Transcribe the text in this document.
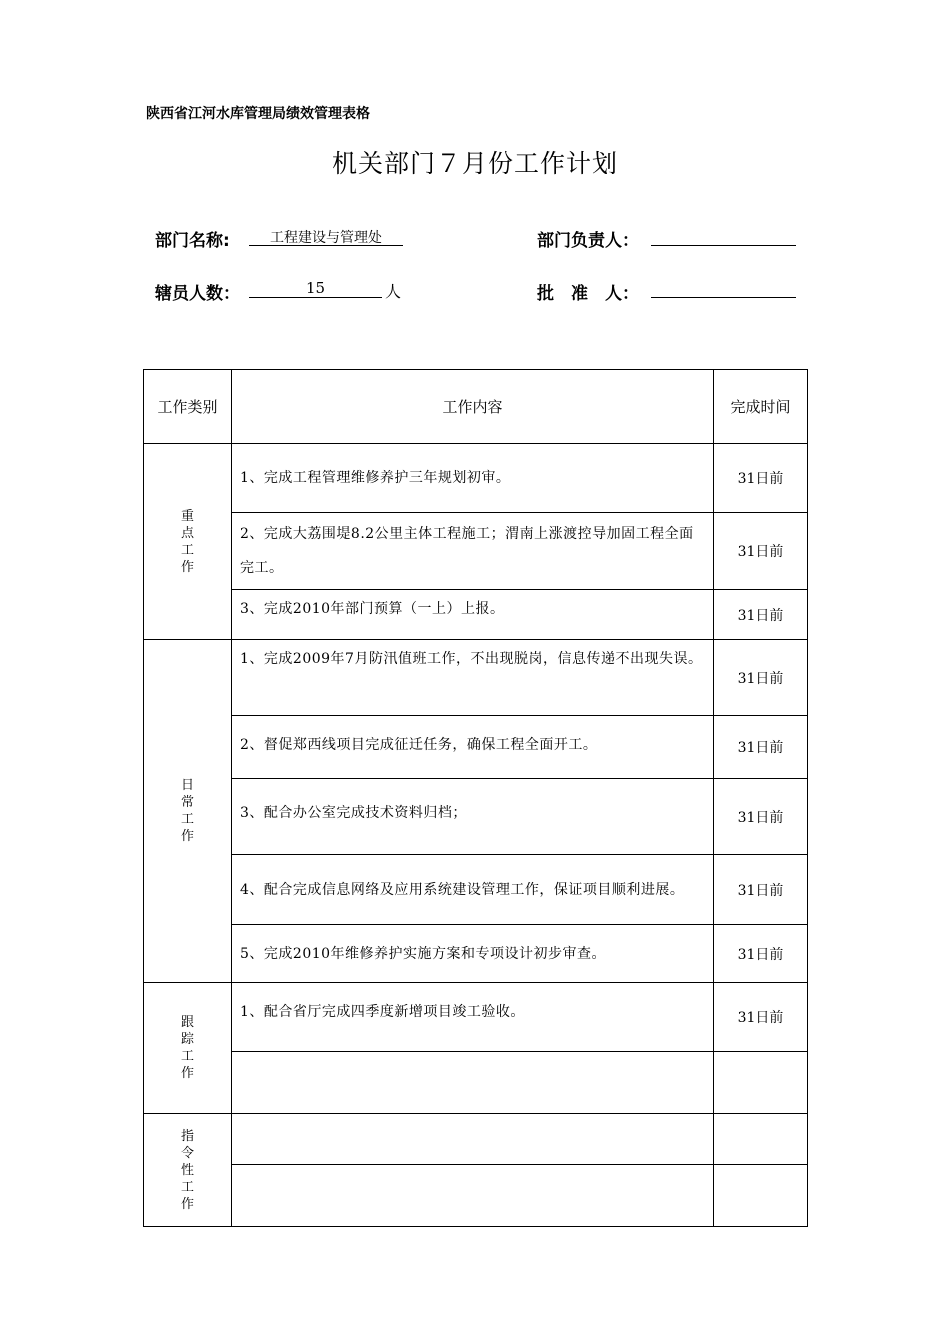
陕西省江河水库管理局绩效管理表格
机关部门７月份工作计划
部门名称:	工程建设与管理处	部门负责人：
辖员人数：	15	人	批　准　人：
工作类别	工作内容	完成时间
重点工作	1、完成工程管理维修养护三年规划初审。	31日前
	2、完成大荔围堤8.2公里主体工程施工；渭南上涨渡控导加固工程全面完工。	31日前
	3、完成2010年部门预算（一上）上报。	31日前
日常工作	1、完成2009年7月防汛值班工作，不出现脱岗，信息传递不出现失误。	31日前
	2、督促郑西线项目完成征迁任务，确保工程全面开工。	31日前
	3、配合办公室完成技术资料归档；	31日前
	4、配合完成信息网络及应用系统建设管理工作，保证项目顺利进展。	31日前
	5、完成2010年维修养护实施方案和专项设计初步审查。	31日前
跟踪工作	1、配合省厅完成四季度新增项目竣工验收。	31日前

指令性工作		
